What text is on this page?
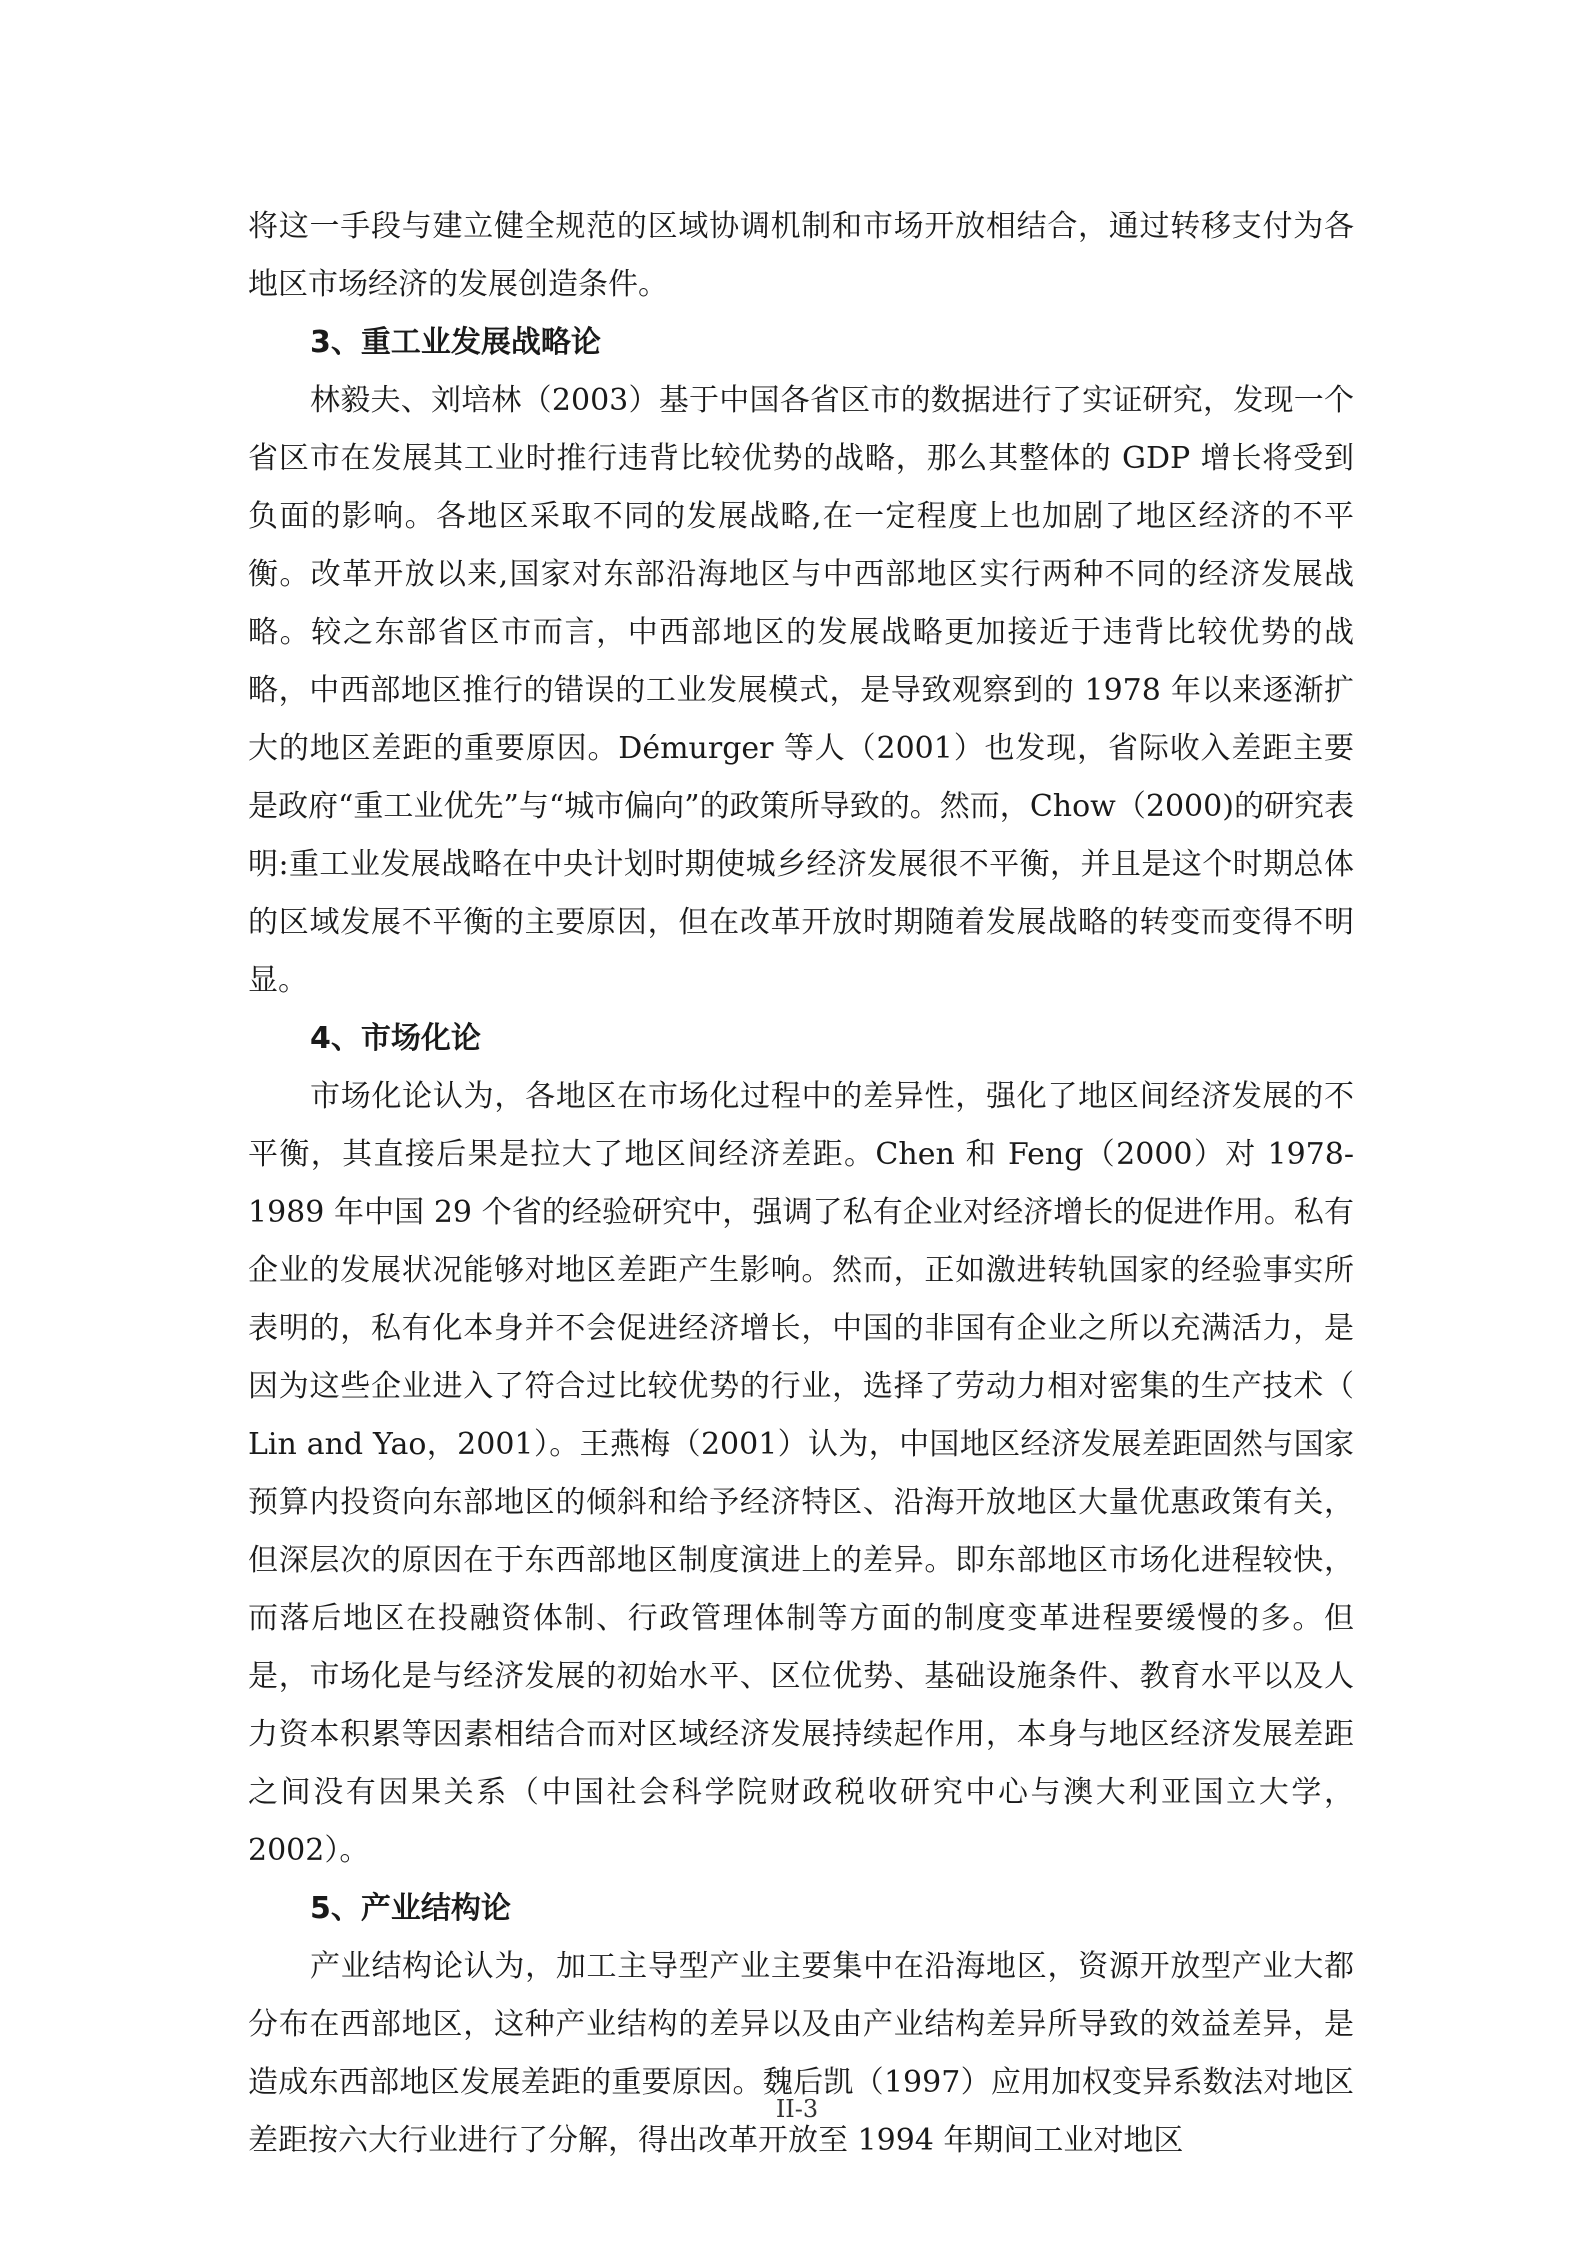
将这一手段与建立健全规范的区域协调机制和市场开放相结合，通过转移支付为各地区市场经济的发展创造条件。

3、重工业发展战略论

林毅夫、刘培林（2003）基于中国各省区市的数据进行了实证研究，发现一个省区市在发展其工业时推行违背比较优势的战略，那么其整体的 GDP 增长将受到负面的影响。各地区采取不同的发展战略,在一定程度上也加剧了地区经济的不平衡。改革开放以来,国家对东部沿海地区与中西部地区实行两种不同的经济发展战略。较之东部省区市而言，中西部地区的发展战略更加接近于违背比较优势的战略，中西部地区推行的错误的工业发展模式，是导致观察到的 1978 年以来逐渐扩大的地区差距的重要原因。Démurger 等人（2001）也发现，省际收入差距主要是政府“重工业优先”与“城市偏向”的政策所导致的。然而，Chow（2000)的研究表明:重工业发展战略在中央计划时期使城乡经济发展很不平衡，并且是这个时期总体的区域发展不平衡的主要原因，但在改革开放时期随着发展战略的转变而变得不明显。

4、市场化论

市场化论认为，各地区在市场化过程中的差异性，强化了地区间经济发展的不平衡，其直接后果是拉大了地区间经济差距。Chen 和 Feng（2000）对 1978-1989 年中国 29 个省的经验研究中，强调了私有企业对经济增长的促进作用。私有企业的发展状况能够对地区差距产生影响。然而，正如激进转轨国家的经验事实所表明的，私有化本身并不会促进经济增长，中国的非国有企业之所以充满活力，是因为这些企业进入了符合过比较优势的行业，选择了劳动力相对密集的生产技术（ Lin and Yao，2001）。王燕梅（2001）认为，中国地区经济发展差距固然与国家预算内投资向东部地区的倾斜和给予经济特区、沿海开放地区大量优惠政策有关，但深层次的原因在于东西部地区制度演进上的差异。即东部地区市场化进程较快，而落后地区在投融资体制、行政管理体制等方面的制度变革进程要缓慢的多。但是，市场化是与经济发展的初始水平、区位优势、基础设施条件、教育水平以及人力资本积累等因素相结合而对区域经济发展持续起作用，本身与地区经济发展差距之间没有因果关系（中国社会科学院财政税收研究中心与澳大利亚国立大学，2002）。

5、产业结构论

产业结构论认为，加工主导型产业主要集中在沿海地区，资源开放型产业大都分布在西部地区，这种产业结构的差异以及由产业结构差异所导致的效益差异，是造成东西部地区发展差距的重要原因。魏后凯（1997）应用加权变异系数法对地区差距按六大行业进行了分解，得出改革开放至 1994 年期间工业对地区

II-3
